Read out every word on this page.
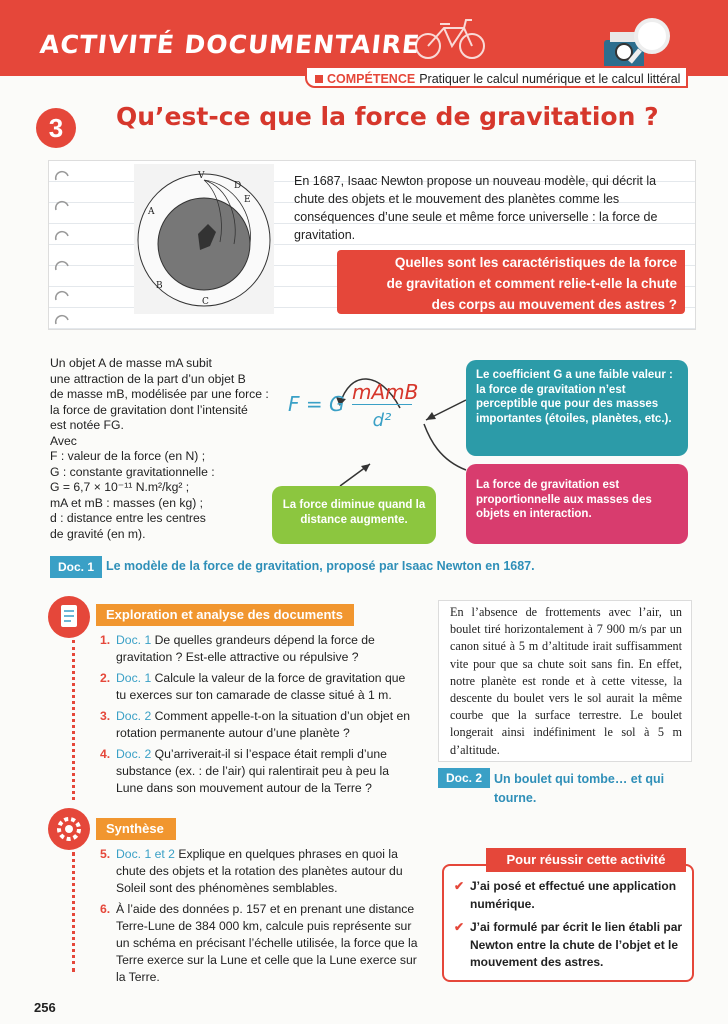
ACTIVITÉ DOCUMENTAIRE
COMPÉTENCE Pratiquer le calcul numérique et le calcul littéral
3	Qu’est-ce que la force de gravitation ?
V
A
D
E
B
C
En 1687, Isaac Newton propose un nouveau modèle, qui décrit la chute des objets et le mouvement des planètes comme les conséquences d’une seule et même force universelle : la force de gravitation.
Quelles sont les caractéristiques de la force
de gravitation et comment relie-t-elle la chute
des corps au mouvement des astres ?
Un objet A de masse mA subit
une attraction de la part d’un objet B
de masse mB, modélisée par une force :
la force de gravitation dont l’intensité
est notée FG.
Avec
F : valeur de la force (en N) ;
G : constante gravitationnelle :
G = 6,7 × 10⁻¹¹ N.m²/kg² ;
mA et mB : masses (en kg) ;
d : distance entre les centres
de gravité (en m).
F = G mAmB
d²
Le coefficient G a une faible valeur : la force de gravitation n’est perceptible que pour des masses importantes (étoiles, planètes, etc.).
La force diminue quand la distance augmente.
La force de gravitation est proportionnelle aux masses des objets en interaction.
Doc. 1 Le modèle de la force de gravitation, proposé par Isaac Newton en 1687.
Exploration et analyse des documents
1. Doc. 1 De quelles grandeurs dépend la force de gravitation ? Est-elle attractive ou répulsive ?
2. Doc. 1 Calcule la valeur de la force de gravitation que tu exerces sur ton camarade de classe situé à 1 m.
3. Doc. 2 Comment appelle-t-on la situation d’un objet en rotation permanente autour d’une planète ?
4. Doc. 2 Qu’arriverait-il si l’espace était rempli d’une substance (ex. : de l’air) qui ralentirait peu à peu la Lune dans son mouvement autour de la Terre ?
Synthèse
5. Doc. 1 et 2 Explique en quelques phrases en quoi la chute des objets et la rotation des planètes autour du Soleil sont des phénomènes semblables.
6. À l’aide des données p. 157 et en prenant une distance Terre-Lune de 384 000 km, calcule puis représente sur un schéma en précisant l’échelle utilisée, la force que la Terre exerce sur la Lune et celle que la Lune exerce sur la Terre.
En l’absence de frottements avec l’air, un boulet tiré horizontalement à 7 900 m/s par un canon situé à 5 m d’altitude irait suffisamment vite pour que sa chute soit sans fin. En effet, notre planète est ronde et à cette vitesse, la descente du boulet vers le sol aurait la même courbe que la surface terrestre. Le boulet longerait ainsi indéfiniment le sol à 5 m d’altitude.
Doc. 2 Un boulet qui tombe… et qui tourne.
Pour réussir cette activité
✔ J’ai posé et effectué une application numérique.
✔ J’ai formulé par écrit le lien établi par Newton entre la chute de l’objet et le mouvement des astres.
256
